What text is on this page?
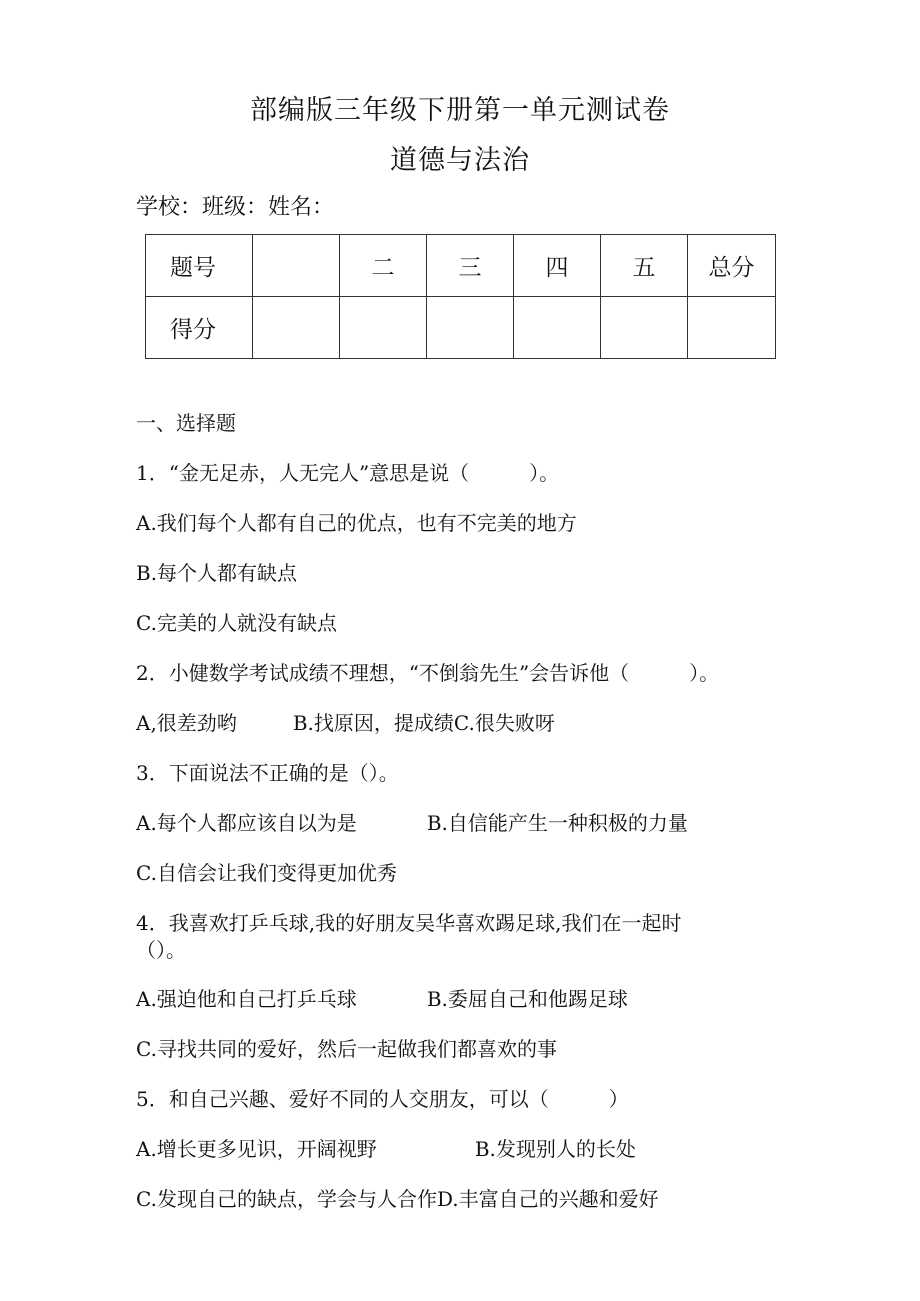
部编版三年级下册第一单元测试卷
道德与法治
学校：班级：姓名：
题号		二	三	四	五	总分
得分						
一、选择题
1．“金无足赤，人无完人”意思是说（　　　）。
A.我们每个人都有自己的优点，也有不完美的地方
B.每个人都有缺点
C.完美的人就没有缺点
2．小健数学考试成绩不理想，“不倒翁先生”会告诉他（　　　）。
A,很差劲哟	B.找原因，提成绩C.很失败呀
3．下面说法不正确的是（）。
A.每个人都应该自以为是	B.自信能产生一种积极的力量
C.自信会让我们变得更加优秀
4．我喜欢打乒乓球,我的好朋友吴华喜欢踢足球,我们在一起时
（）。
A.强迫他和自己打乒乓球	B.委屈自己和他踢足球
C.寻找共同的爱好，然后一起做我们都喜欢的事
5．和自己兴趣、爱好不同的人交朋友，可以（　　　）
A.增长更多见识，开阔视野	B.发现别人的长处
C.发现自己的缺点，学会与人合作D.丰富自己的兴趣和爱好
